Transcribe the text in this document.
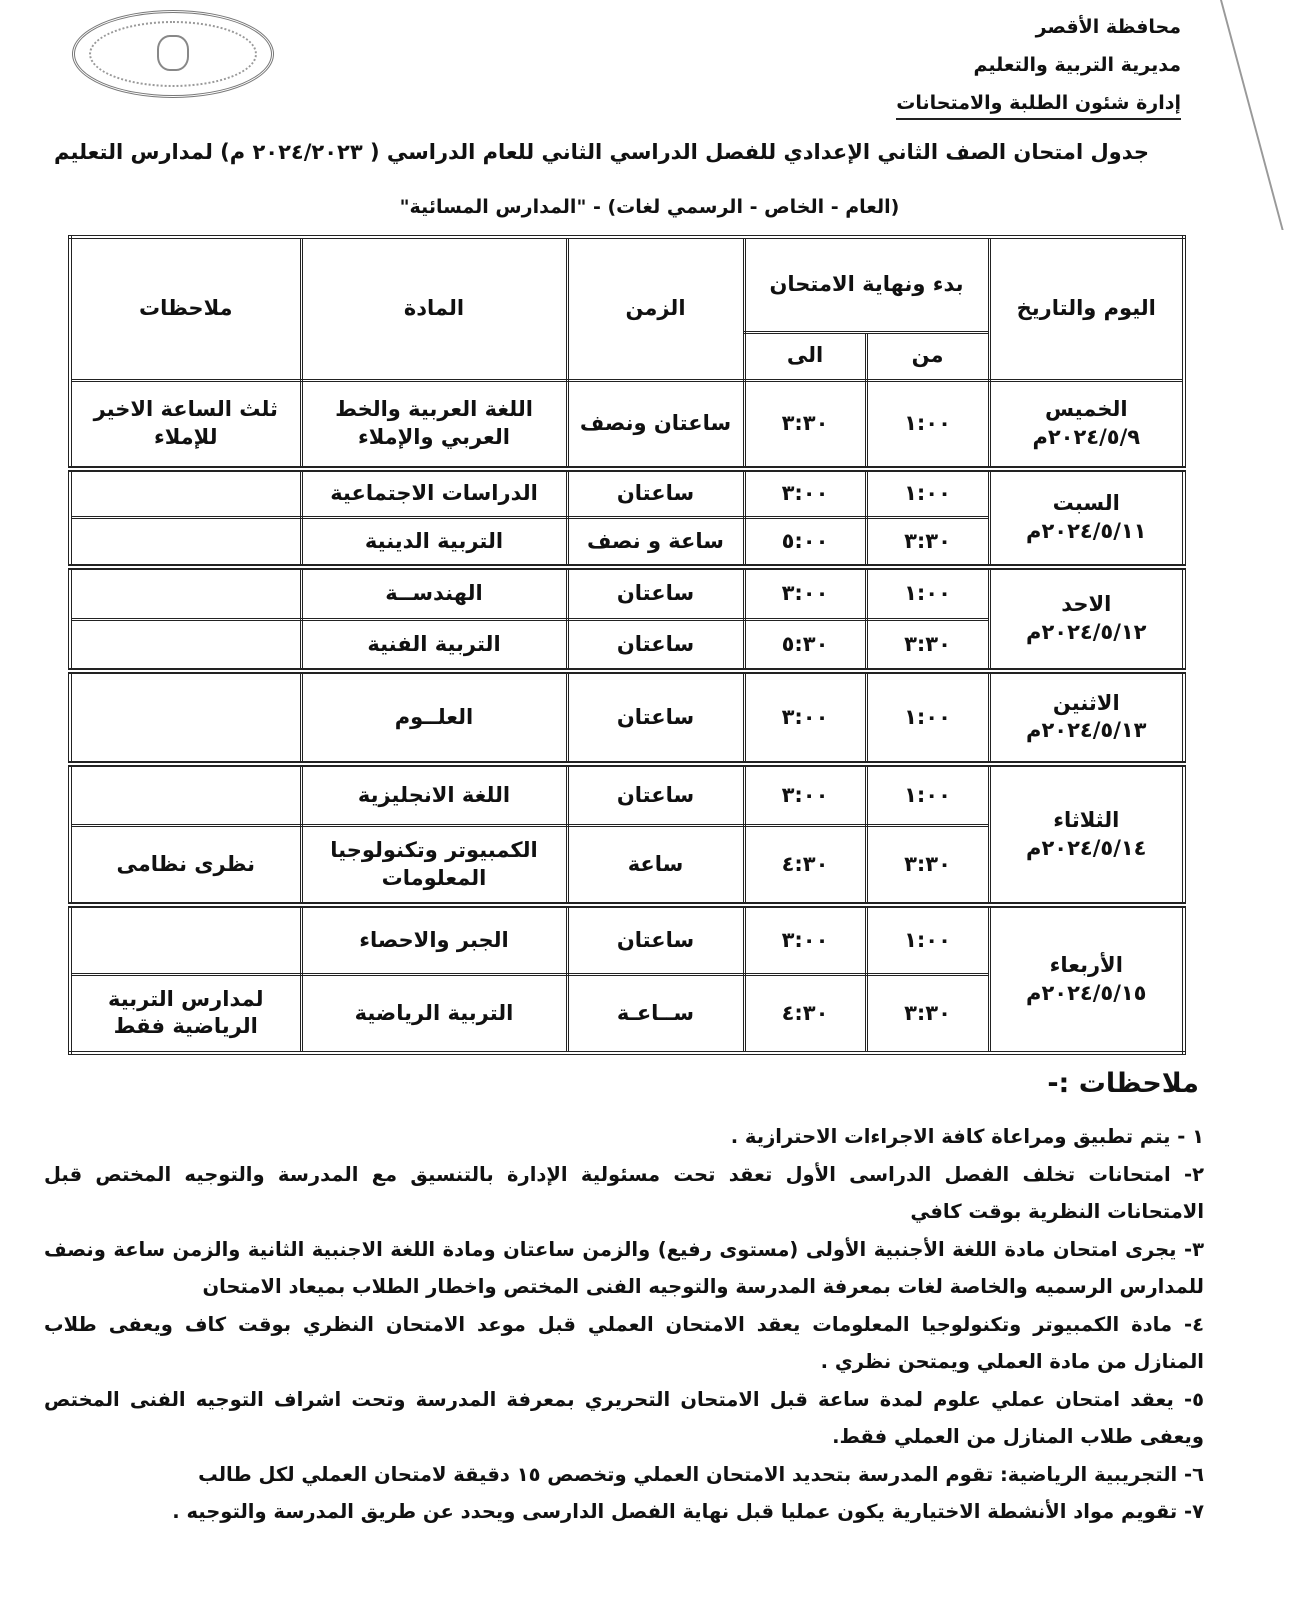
محافظة الأقصر
مديرية التربية والتعليم
إدارة شئون الطلبة والامتحانات
جدول امتحان الصف الثاني الإعدادي للفصل الدراسي الثاني للعام الدراسي ( ٢٠٢٤/٢٠٢٣ م) لمدارس التعليم
(العام - الخاص - الرسمي لغات) - "المدارس المسائية"
اليوم والتاريخ	بدء ونهاية الامتحان		الزمن	المادة	ملاحظات
	من	الى			

الخميس
٢٠٢٤/٥/٩م	١:٠٠	٣:٣٠	ساعتان ونصف	اللغة العربية والخط العربي والإملاء	ثلث الساعة الاخير للإملاء

السبت
٢٠٢٤/٥/١١م	١:٠٠	٣:٠٠	ساعتان	الدراسات الاجتماعية	
	٣:٣٠	٥:٠٠	ساعة و نصف	التربية الدينية	

الاحد
٢٠٢٤/٥/١٢م	١:٠٠	٣:٠٠	ساعتان	الهندســة	
	٣:٣٠	٥:٣٠	ساعتان	التربية الفنية	

الاثنين
٢٠٢٤/٥/١٣م	١:٠٠	٣:٠٠	ساعتان	العلــوم	

الثلاثاء
٢٠٢٤/٥/١٤م	١:٠٠	٣:٠٠	ساعتان	اللغة الانجليزية	
	٣:٣٠	٤:٣٠	ساعة	الكمبيوتر وتكنولوجيا المعلومات	نظرى نظامى

الأربعاء
٢٠٢٤/٥/١٥م	١:٠٠	٣:٠٠	ساعتان	الجبر والاحصاء	
	٣:٣٠	٤:٣٠	ســاعـة	التربية الرياضية	لمدارس التربية الرياضية فقط
ملاحظات :-

١ - يتم تطبيق ومراعاة كافة الاجراءات الاحترازية .

٢- امتحانات تخلف الفصل الدراسى الأول تعقد تحت مسئولية الإدارة بالتنسيق مع المدرسة والتوجيه المختص قبل الامتحانات النظرية بوقت كافي

٣- يجرى امتحان مادة اللغة الأجنبية الأولى (مستوى رفيع) والزمن ساعتان ومادة اللغة الاجنبية الثانية والزمن ساعة ونصف للمدارس الرسميه والخاصة لغات بمعرفة المدرسة والتوجيه الفنى المختص واخطار الطلاب بميعاد الامتحان

٤- مادة الكمبيوتر وتكنولوجيا المعلومات يعقد الامتحان العملي قبل موعد الامتحان النظري بوقت كاف ويعفى طلاب المنازل من مادة العملي ويمتحن نظري .

٥- يعقد امتحان عملي علوم لمدة ساعة قبل الامتحان التحريري بمعرفة المدرسة وتحت اشراف التوجيه الفنى المختص ويعفى طلاب المنازل من العملي فقط.

٦- التجريبية الرياضية: تقوم المدرسة بتحديد الامتحان العملي وتخصص ١٥ دقيقة لامتحان العملي لكل طالب

٧- تقويم مواد الأنشطة الاختيارية يكون عمليا قبل نهاية الفصل الدارسى ويحدد عن طريق المدرسة والتوجيه .
